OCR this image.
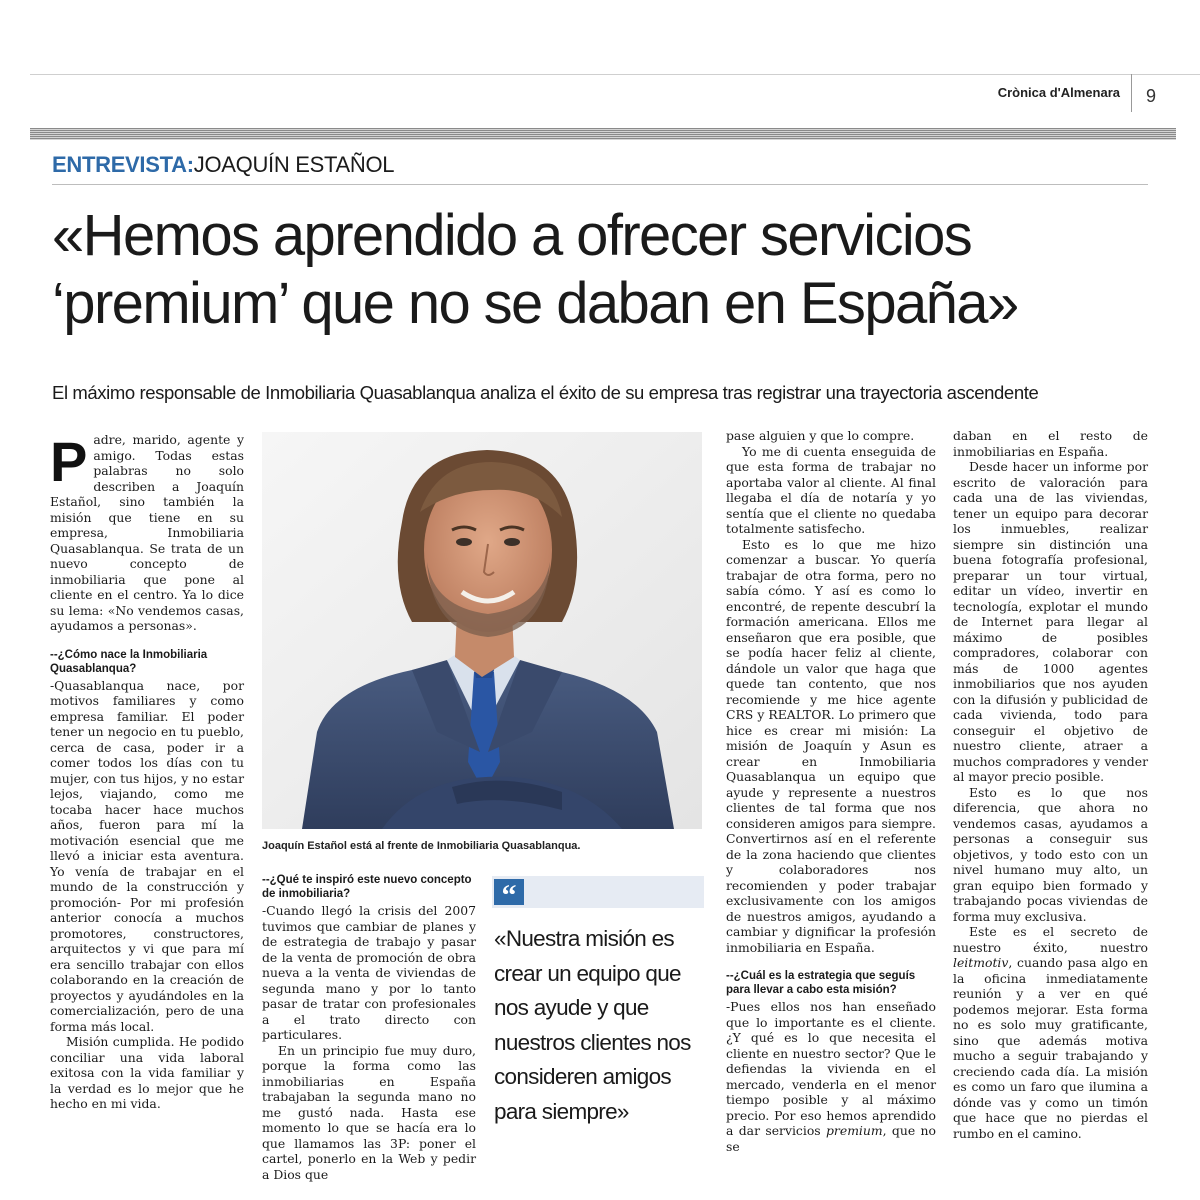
Crònica d'Almenara 9
ENTREVISTA:JOAQUÍN ESTAÑOL
«Hemos aprendido a ofrecer servicios
‘premium’ que no se daban en España»
El máximo responsable de Inmobiliaria Quasablanqua analiza el éxito de su empresa tras registrar una trayectoria ascendente

Padre, marido, agente y amigo. Todas estas palabras no solo describen a Joaquín Estañol, sino también la misión que tiene en su empresa, Inmobiliaria Quasablanqua. Se trata de un nuevo concepto de inmobiliaria que pone al cliente en el centro. Ya lo dice su lema: «No vendemos casas, ayudamos a personas».

--¿Cómo nace la Inmobiliaria Quasablanqua?

-Quasablanqua nace, por motivos familiares y como empresa familiar. El poder tener un negocio en tu pueblo, cerca de casa, poder ir a comer todos los días con tu mujer, con tus hijos, y no estar lejos, viajando, como me tocaba hacer hace muchos años, fueron para mí la motivación esencial que me llevó a iniciar esta aventura. Yo venía de trabajar en el mundo de la construcción y promoción- Por mi profesión anterior conocía a muchos promotores, constructores, arquitectos y vi que para mí era sencillo trabajar con ellos colaborando en la creación de proyectos y ayudándoles en la comercialización, pero de una forma más local.

Misión cumplida. He podido conciliar una vida laboral exitosa con la vida familiar y la verdad es lo mejor que he hecho en mi vida.

Joaquín Estañol está al frente de Inmobiliaria Quasablanqua.
--¿Qué te inspiró este nuevo concepto de inmobiliaria?

-Cuando llegó la crisis del 2007 tuvimos que cambiar de planes y de estrategia de trabajo y pasar de la venta de promoción de obra nueva a la venta de viviendas de segunda mano y por lo tanto pasar de tratar con profesionales a el trato directo con particulares.

En un principio fue muy duro, porque la forma como las inmobiliarias en España trabajaban la segunda mano no me gustó nada. Hasta ese momento lo que se hacía era lo que llamamos las 3P: poner el cartel, ponerlo en la Web y pedir a Dios que

“
«Nuestra misión es
crear un equipo que
nos ayude y que
nuestros clientes nos
consideren amigos
para siempre»

pase alguien y que lo compre.

Yo me di cuenta enseguida de que esta forma de trabajar no aportaba valor al cliente. Al final llegaba el día de notaría y yo sentía que el cliente no quedaba totalmente satisfecho.

Esto es lo que me hizo comenzar a buscar. Yo quería trabajar de otra forma, pero no sabía cómo. Y así es como lo encontré, de repente descubrí la formación americana. Ellos me enseñaron que era posible, que se podía hacer feliz al cliente, dándole un valor que haga que quede tan contento, que nos recomiende y me hice agente CRS y REALTOR. Lo primero que hice es crear mi misión: La misión de Joaquín y Asun es crear en Inmobiliaria Quasablanqua un equipo que ayude y represente a nuestros clientes de tal forma que nos consideren amigos para siempre. Convertirnos así en el referente de la zona haciendo que clientes y colaboradores nos recomienden y poder trabajar exclusivamente con los amigos de nuestros amigos, ayudando a cambiar y dignificar la profesión inmobiliaria en España.

--¿Cuál es la estrategia que seguís para llevar a cabo esta misión?

-Pues ellos nos han enseñado que lo importante es el cliente. ¿Y qué es lo que necesita el cliente en nuestro sector? Que le defiendas la vivienda en el mercado, venderla en el menor tiempo posible y al máximo precio. Por eso hemos aprendido a dar servicios premium, que no se

daban en el resto de inmobiliarias en España.

Desde hacer un informe por escrito de valoración para cada una de las viviendas, tener un equipo para decorar los inmuebles, realizar siempre sin distinción una buena fotografía profesional, preparar un tour virtual, editar un vídeo, invertir en tecnología, explotar el mundo de Internet para llegar al máximo de posibles compradores, colaborar con más de 1000 agentes inmobiliarios que nos ayuden con la difusión y publicidad de cada vivienda, todo para conseguir el objetivo de nuestro cliente, atraer a muchos compradores y vender al mayor precio posible.

Esto es lo que nos diferencia, que ahora no vendemos casas, ayudamos a personas a conseguir sus objetivos, y todo esto con un nivel humano muy alto, un gran equipo bien formado y trabajando pocas viviendas de forma muy exclusiva.

Este es el secreto de nuestro éxito, nuestro leitmotiv, cuando pasa algo en la oficina inmediatamente reunión y a ver en qué podemos mejorar. Esta forma no es solo muy gratificante, sino que además motiva mucho a seguir trabajando y creciendo cada día. La misión es como un faro que ilumina a dónde vas y como un timón que hace que no pierdas el rumbo en el camino.
